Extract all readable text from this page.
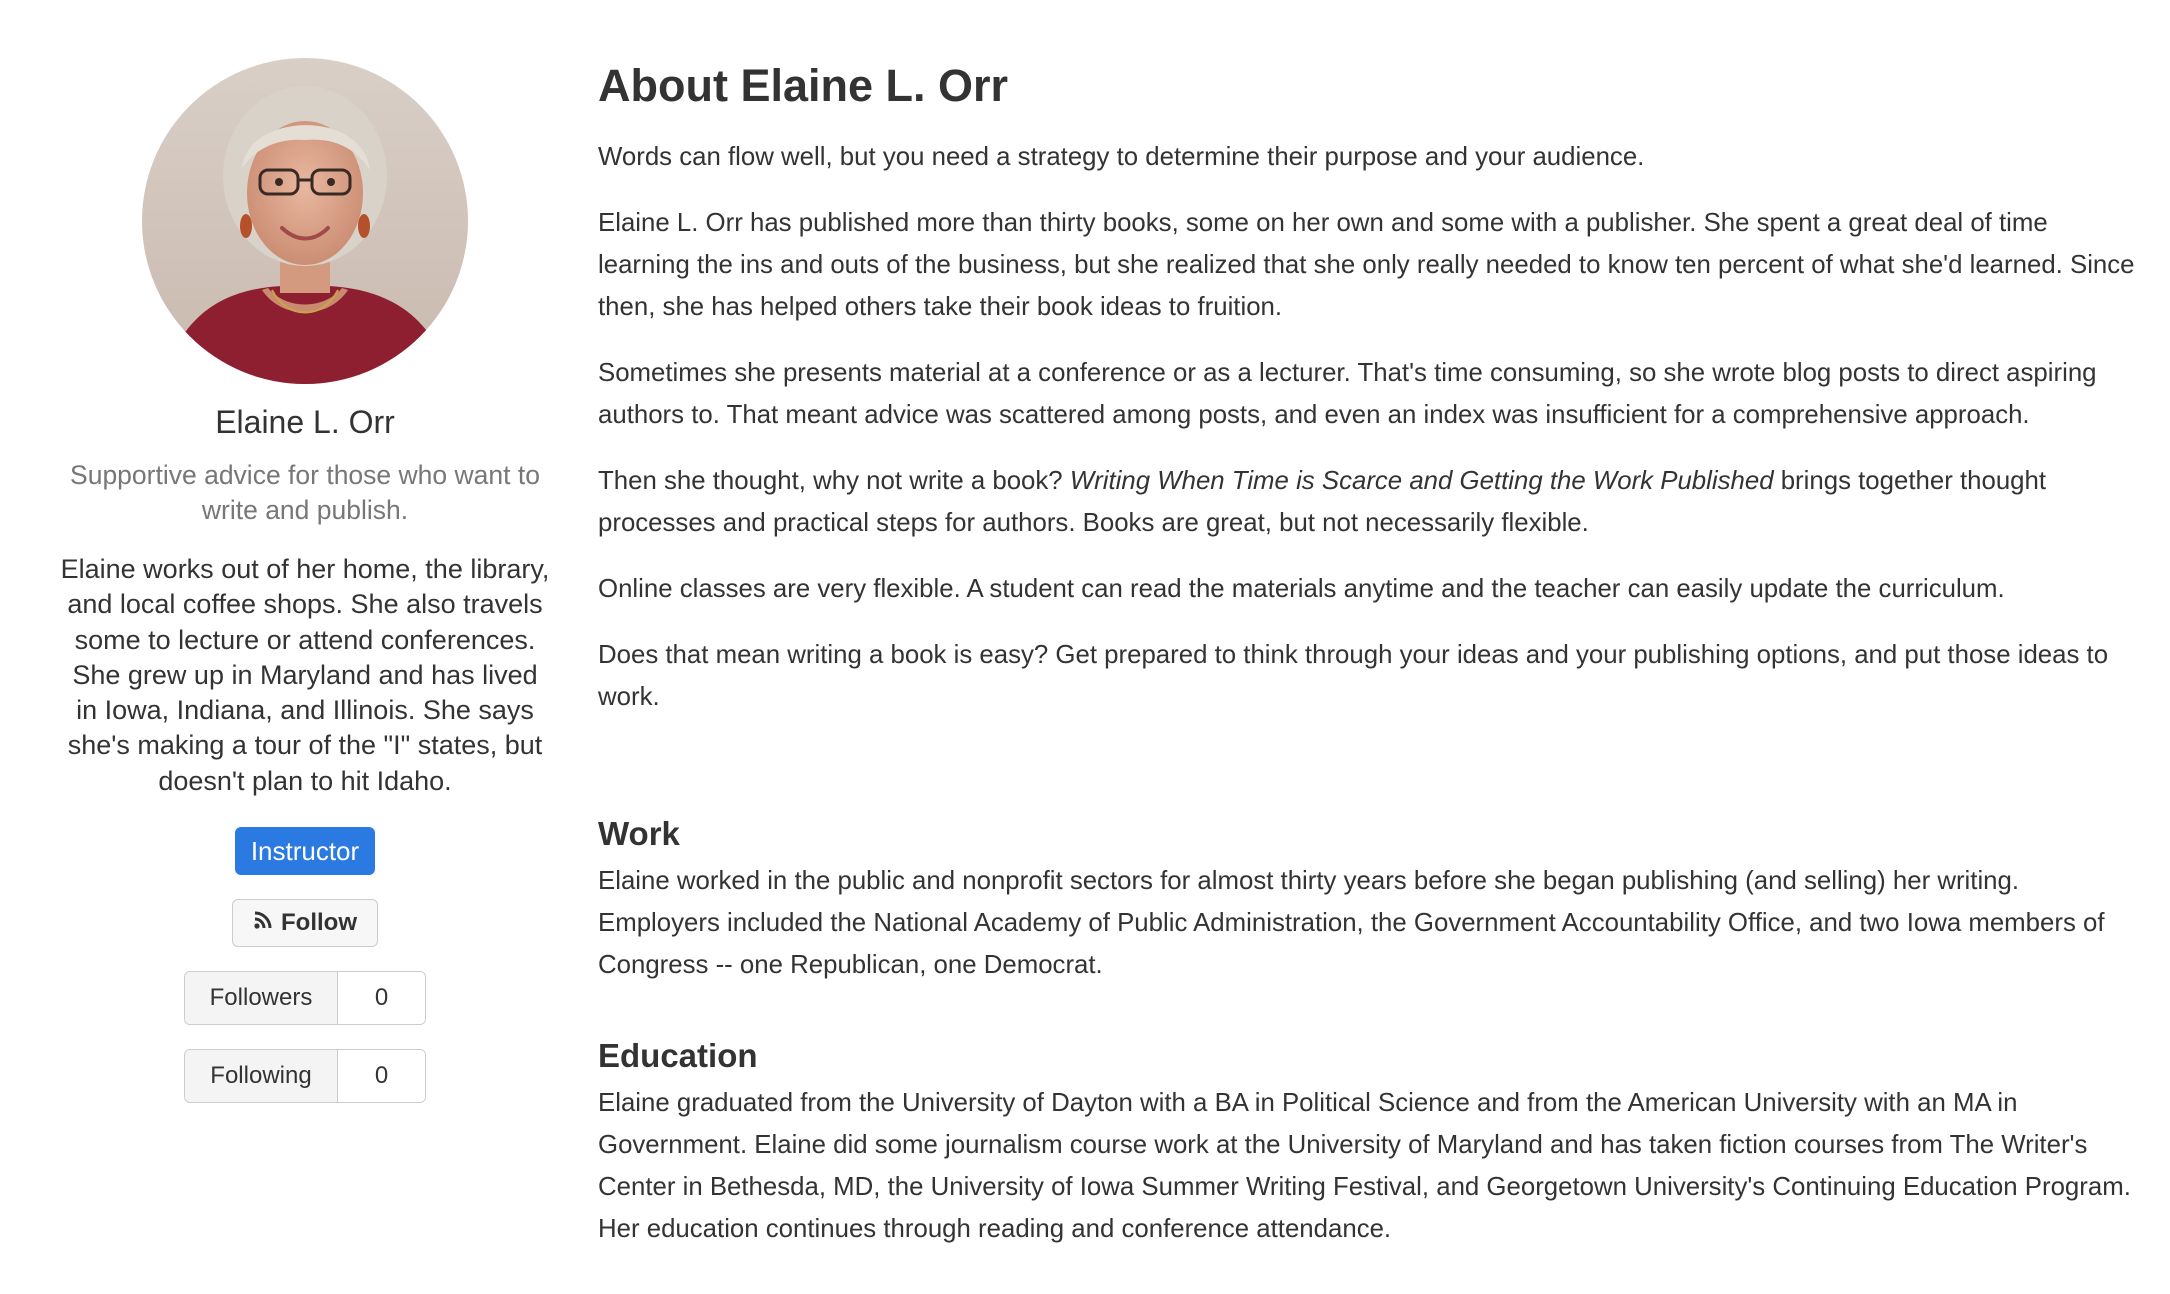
Elaine L. Orr
Supportive advice for those who want to write and publish.
Elaine works out of her home, the library, and local coffee shops. She also travels some to lecture or attend conferences. She grew up in Maryland and has lived in Iowa, Indiana, and Illinois. She says she's making a tour of the "I" states, but doesn't plan to hit Idaho.
Instructor
Follow
Followers	0
Following	0
About Elaine L. Orr

Words can flow well, but you need a strategy to determine their purpose and your audience.

Elaine L. Orr has published more than thirty books, some on her own and some with a publisher. She spent a great deal of time learning the ins and outs of the business, but she realized that she only really needed to know ten percent of what she'd learned. Since then, she has helped others take their book ideas to fruition.

Sometimes she presents material at a conference or as a lecturer. That's time consuming, so she wrote blog posts to direct aspiring authors to. That meant advice was scattered among posts, and even an index was insufficient for a comprehensive approach.

Then she thought, why not write a book? Writing When Time is Scarce and Getting the Work Published brings together thought processes and practical steps for authors. Books are great, but not necessarily flexible.

Online classes are very flexible. A student can read the materials anytime and the teacher can easily update the curriculum.

Does that mean writing a book is easy? Get prepared to think through your ideas and your publishing options, and put those ideas to work.

Work

Elaine worked in the public and nonprofit sectors for almost thirty years before she began publishing (and selling) her writing. Employers included the National Academy of Public Administration, the Government Accountability Office, and two Iowa members of Congress -- one Republican, one Democrat.

Education

Elaine graduated from the University of Dayton with a BA in Political Science and from the American University with an MA in Government. Elaine did some journalism course work at the University of Maryland and has taken fiction courses from The Writer's Center in Bethesda, MD, the University of Iowa Summer Writing Festival, and Georgetown University's Continuing Education Program. Her education continues through reading and conference attendance.
